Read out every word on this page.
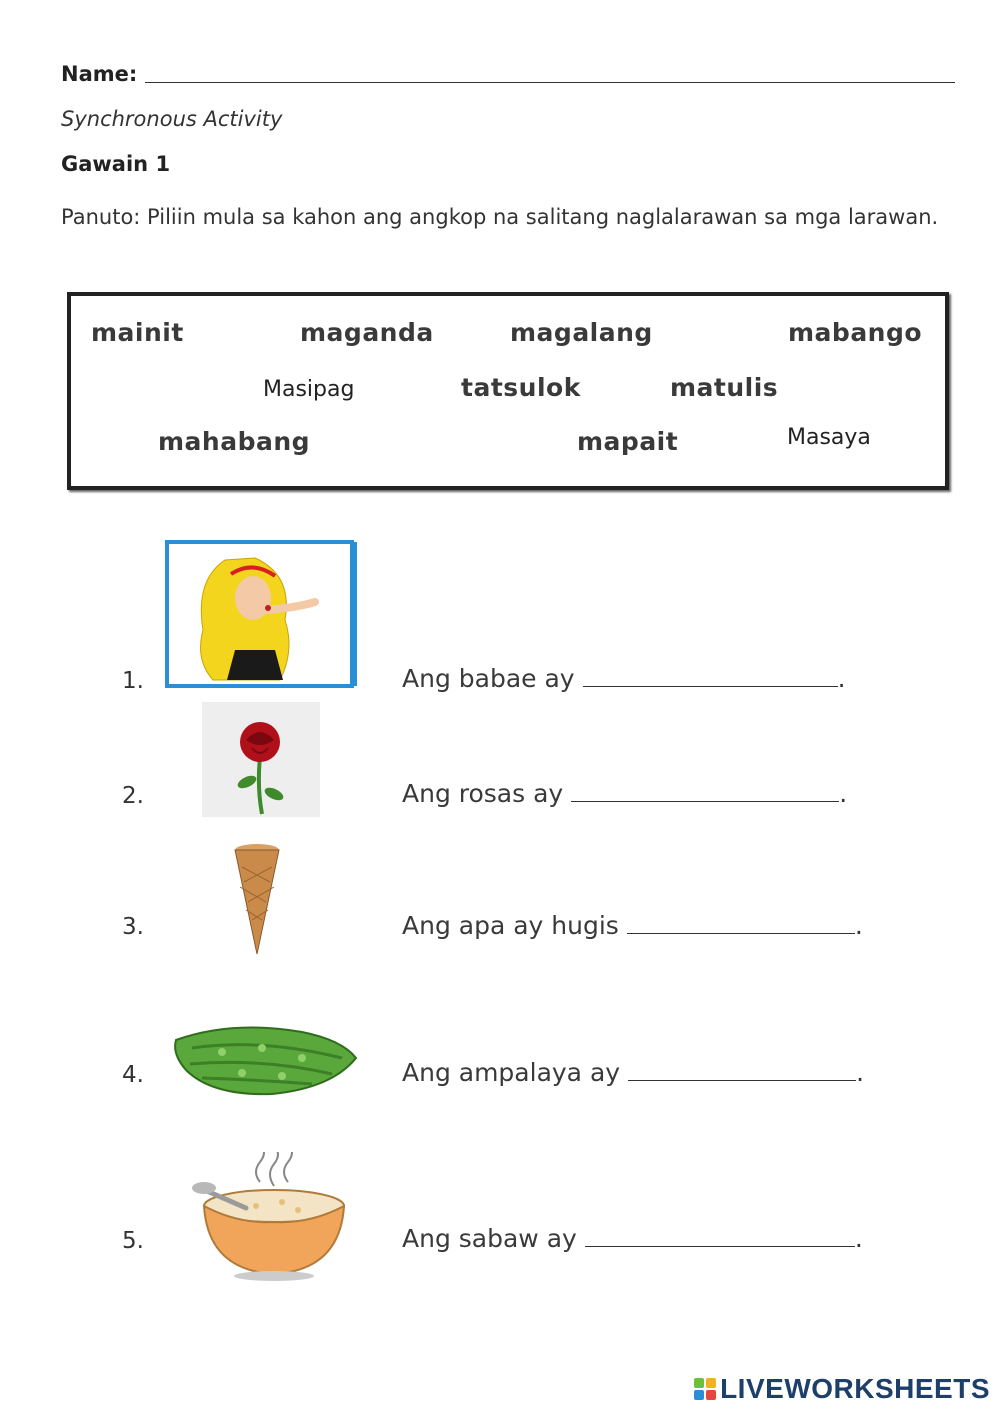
Name:
Synchronous Activity
Gawain 1
Panuto: Piliin mula sa kahon ang angkop na salitang naglalarawan sa mga larawan.
mainit	maganda	magalang	mabango
Masipag	tatsulok	matulis
mahabang	mapait	Masaya
1.	Ang babae ay	.
2.	Ang rosas ay	.
3.	Ang apa ay hugis	.
4.	Ang ampalaya ay	.
5.	Ang sabaw ay	.
LIVEWORKSHEETS
